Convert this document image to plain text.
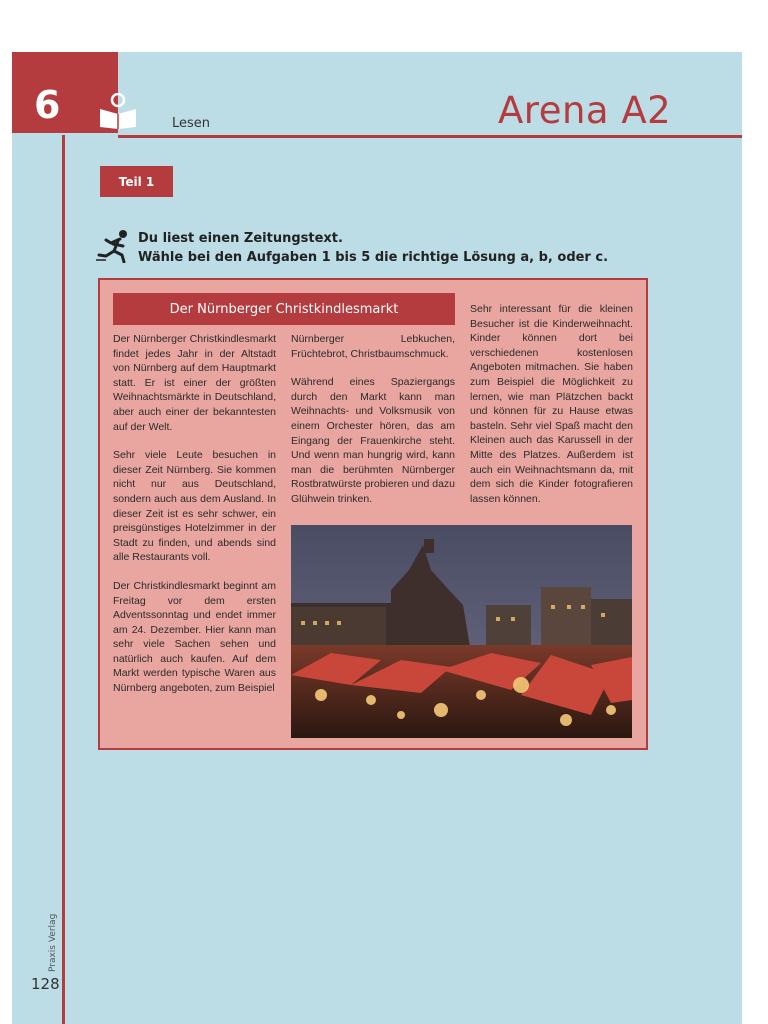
6	Lesen	Arena A2
Teil 1
Du liest einen Zeitungstext.
Wähle bei den Aufgaben 1 bis 5 die richtige Lösung a, b, oder c.
Der Nürnberger Christkindlesmarkt

Der Nürnberger Christkindlesmarkt findet jedes Jahr in der Altstadt von Nürnberg auf dem Hauptmarkt statt. Er ist einer der größten Weihnachtsmärkte in Deutschland, aber auch einer der bekanntesten auf der Welt.

Sehr viele Leute besuchen in dieser Zeit Nürnberg. Sie kommen nicht nur aus Deutschland, sondern auch aus dem Ausland. In dieser Zeit ist es sehr schwer, ein preisgünstiges Hotelzimmer in der Stadt zu finden, und abends sind alle Restaurants voll.

Der Christkindlesmarkt beginnt am Freitag vor dem ersten Adventssonntag und endet immer am 24. Dezember. Hier kann man sehr viele Sachen sehen und natürlich auch kaufen. Auf dem Markt werden typische Waren aus Nürnberg angeboten, zum Beispiel

Nürnberger Lebkuchen, Früchtebrot, Christbaumschmuck.

Während eines Spaziergangs durch den Markt kann man Weihnachts- und Volksmusik von einem Orchester hören, das am Eingang der Frauenkirche steht. Und wenn man hungrig wird, kann man die berühmten Nürnberger Rostbratwürste probieren und dazu Glühwein trinken.

Sehr interessant für die kleinen Besucher ist die Kinderweihnacht. Kinder können dort bei verschiedenen kostenlosen Angeboten mitmachen. Sie haben zum Beispiel die Möglichkeit zu lernen, wie man Plätzchen backt und können für zu Hause etwas basteln. Sehr viel Spaß macht den Kleinen auch das Karussell in der Mitte des Platzes. Außerdem ist auch ein Weihnachtsmann da, mit dem sich die Kinder fotografieren lassen können.

Praxis Verlag
128
